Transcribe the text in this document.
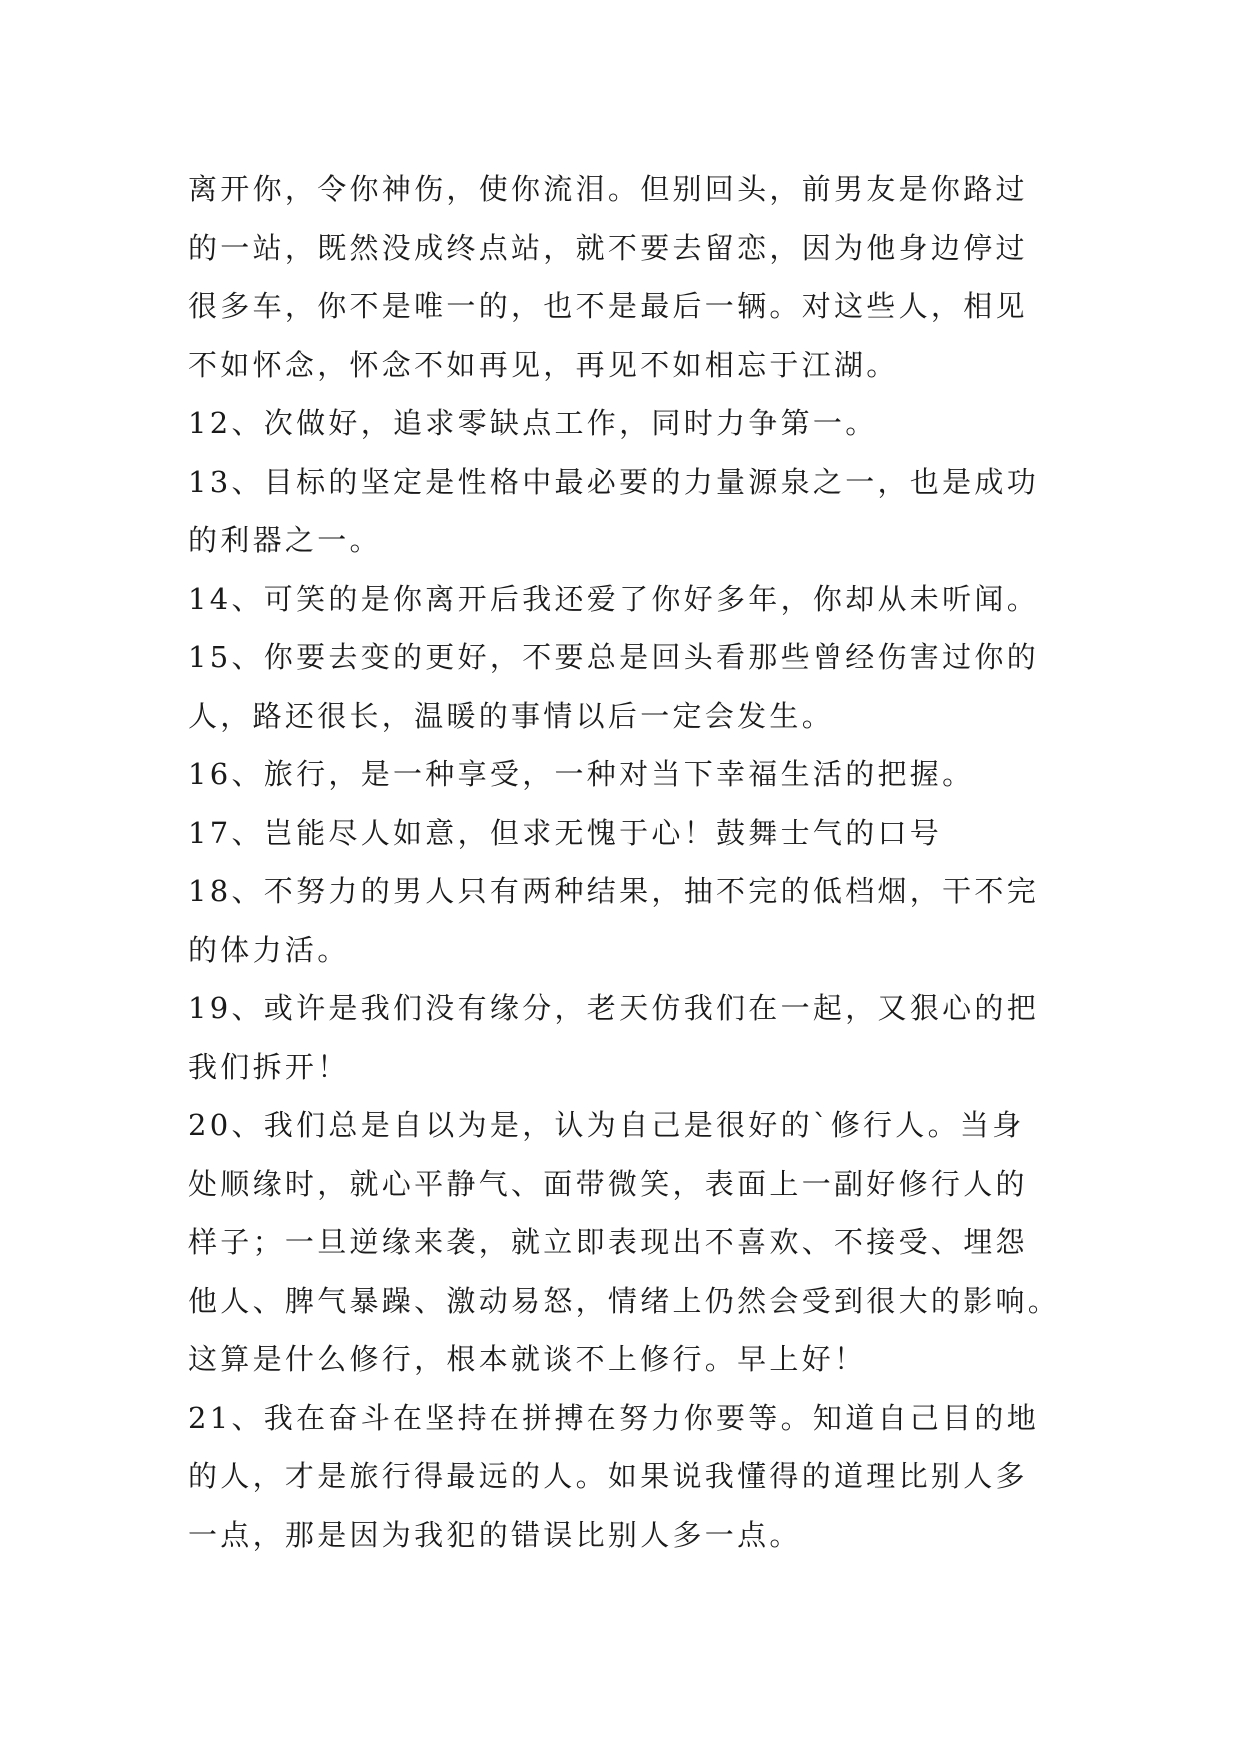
离开你，令你神伤，使你流泪。但别回头，前男友是你路过
的一站，既然没成终点站，就不要去留恋，因为他身边停过
很多车，你不是唯一的，也不是最后一辆。对这些人，相见
不如怀念，怀念不如再见，再见不如相忘于江湖。
12、次做好，追求零缺点工作，同时力争第一。
13、目标的坚定是性格中最必要的力量源泉之一，也是成功
的利器之一。
14、可笑的是你离开后我还爱了你好多年，你却从未听闻。
15、你要去变的更好，不要总是回头看那些曾经伤害过你的
人，路还很长，温暖的事情以后一定会发生。
16、旅行，是一种享受，一种对当下幸福生活的把握。
17、岂能尽人如意，但求无愧于心！鼓舞士气的口号
18、不努力的男人只有两种结果，抽不完的低档烟，干不完
的体力活。
19、或许是我们没有缘分，老天仿我们在一起，又狠心的把
我们拆开！
20、我们总是自以为是，认为自己是很好的`修行人。当身
处顺缘时，就心平静气、面带微笑，表面上一副好修行人的
样子；一旦逆缘来袭，就立即表现出不喜欢、不接受、埋怨
他人、脾气暴躁、激动易怒，情绪上仍然会受到很大的影响。
这算是什么修行，根本就谈不上修行。早上好！
21、我在奋斗在坚持在拼搏在努力你要等。知道自己目的地
的人，才是旅行得最远的人。如果说我懂得的道理比别人多
一点，那是因为我犯的错误比别人多一点。
